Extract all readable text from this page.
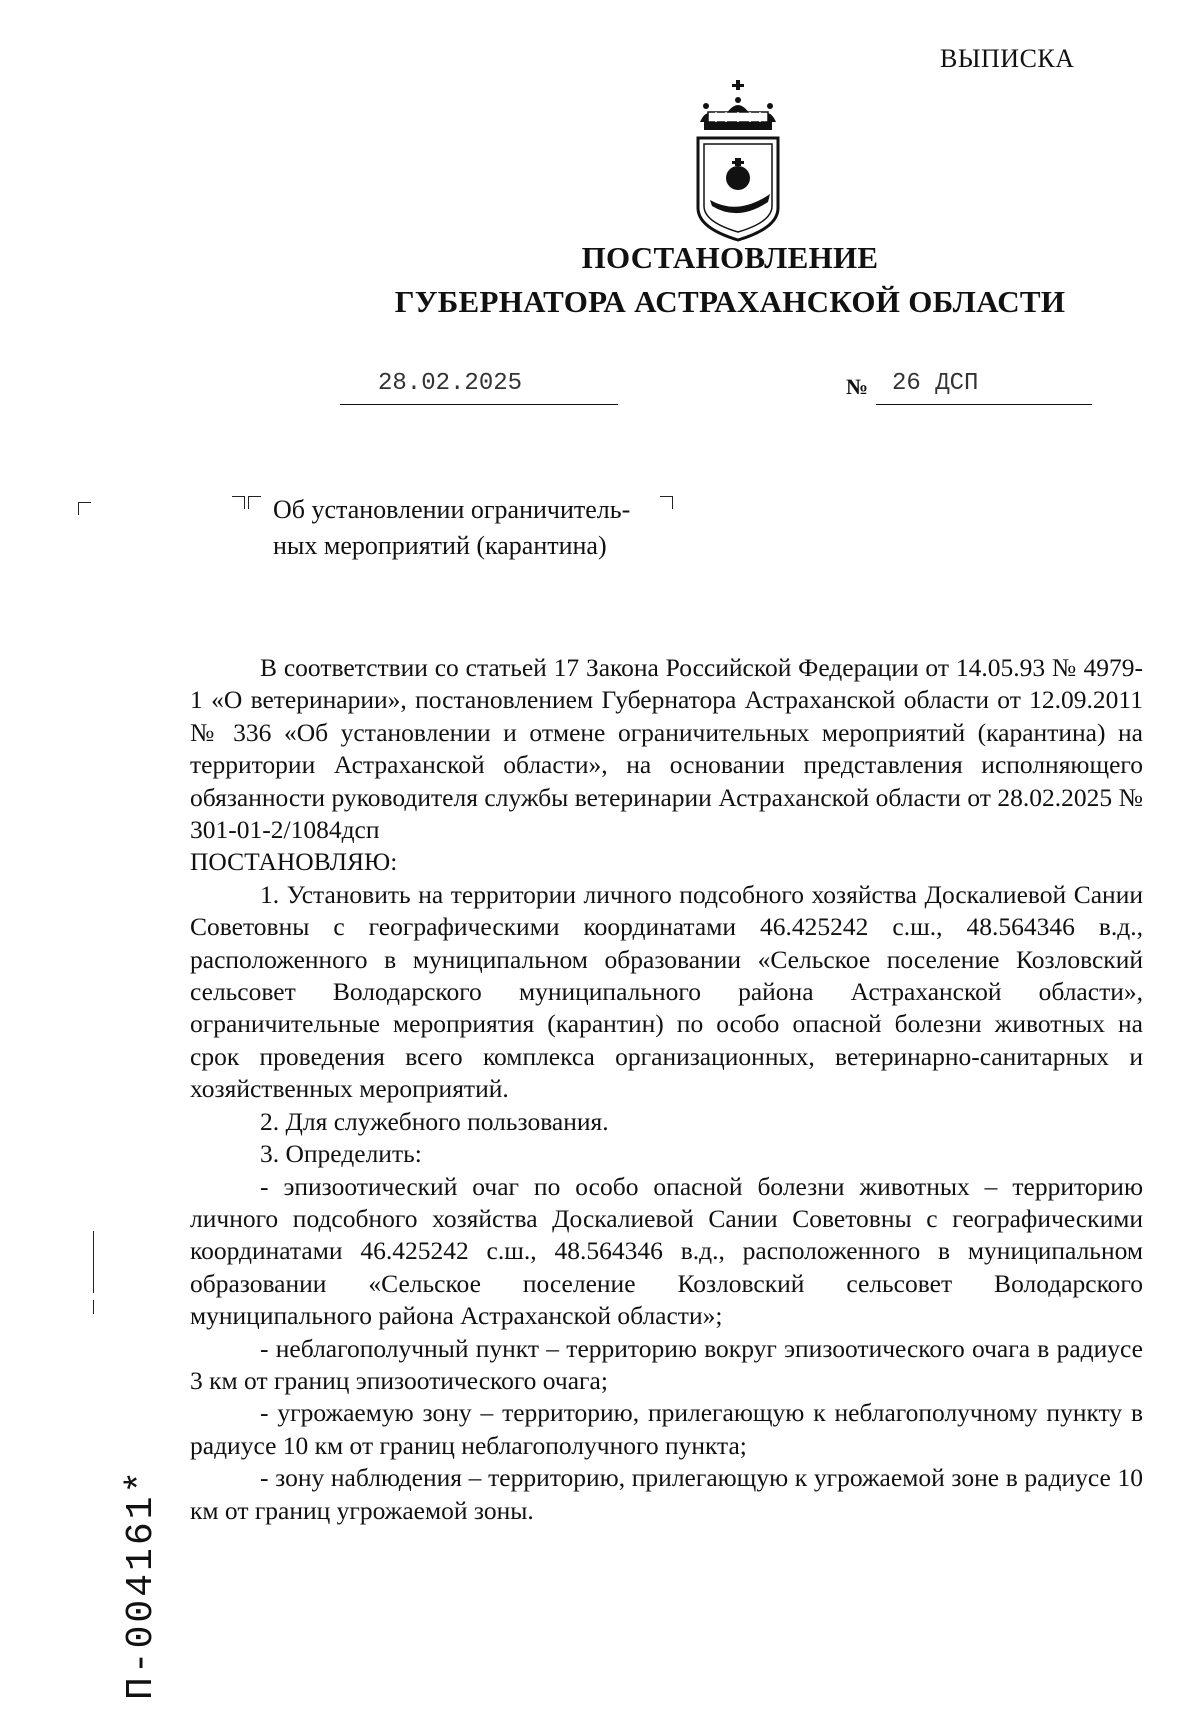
ВЫПИСКА
ПОСТАНОВЛЕНИЕ
ГУБЕРНАТОРА АСТРАХАНСКОЙ ОБЛАСТИ
28.02.2025	№ 26 ДСП
Об установлении ограничитель-
ных мероприятий (карантина)

В соответствии со статьей 17 Закона Российской Федерации от 14.05.93 № 4979-1 «О ветеринарии», постановлением Губернатора Астраханской области от 12.09.2011 № 336 «Об установлении и отмене ограничительных мероприятий (карантина) на территории Астраханской области», на основании представления исполняющего обязанности руководителя службы ветеринарии Астраханской области от 28.02.2025 № 301-01-2/1084дсп

ПОСТАНОВЛЯЮ:

1. Установить на территории личного подсобного хозяйства Доскалиевой Сании Советовны с географическими координатами 46.425242 с.ш., 48.564346 в.д., расположенного в муниципальном образовании «Сельское поселение Козловский сельсовет Володарского муниципального района Астраханской области», ограничительные мероприятия (карантин) по особо опасной болезни животных на срок проведения всего комплекса организационных, ветеринарно-санитарных и хозяйственных мероприятий.

2. Для служебного пользования.

3. Определить:

- эпизоотический очаг по особо опасной болезни животных – территорию личного подсобного хозяйства Доскалиевой Сании Советовны с географическими координатами 46.425242 с.ш., 48.564346 в.д., расположенного в муниципальном образовании «Сельское поселение Козловский сельсовет Володарского муниципального района Астраханской области»;

- неблагополучный пункт – территорию вокруг эпизоотического очага в радиусе 3 км от границ эпизоотического очага;

- угрожаемую зону – территорию, прилегающую к неблагополучному пункту в радиусе 10 км от границ неблагополучного пункта;

- зону наблюдения – территорию, прилегающую к угрожаемой зоне в радиусе 10 км от границ угрожаемой зоны.

П-004161*
